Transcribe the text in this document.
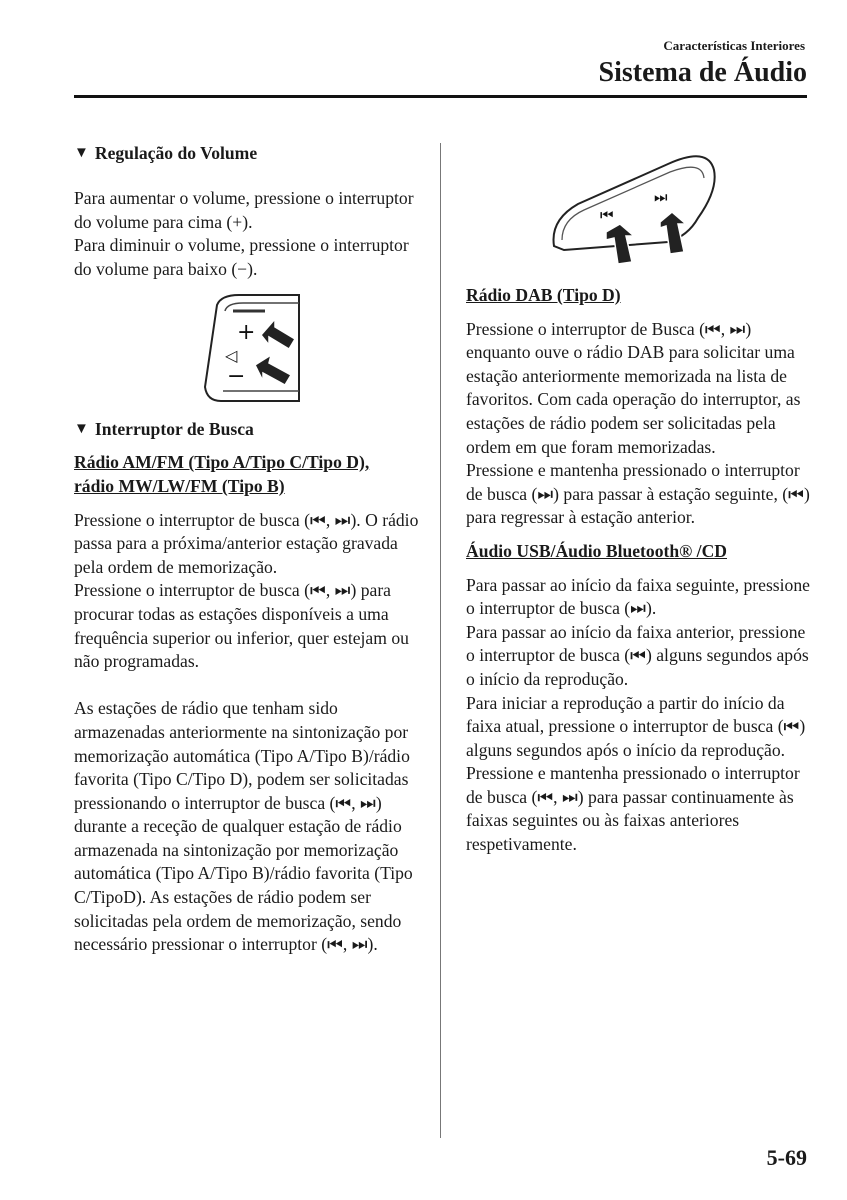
Características Interiores
Sistema de Áudio
▼ Regulação do Volume

Para aumentar o volume, pressione o interruptor do volume para cima (+).

Para diminuir o volume, pressione o interruptor do volume para baixo (−).

+
◁
−
▼ Interruptor de Busca

Rádio AM/FM (Tipo A/Tipo C/Tipo D),

rádio MW/LW/FM (Tipo B)

Pressione o interruptor de busca (⏮, ⏭). O rádio passa para a próxima/anterior estação gravada pela ordem de memorização.

Pressione o interruptor de busca (⏮, ⏭) para procurar todas as estações disponíveis a uma frequência superior ou inferior, quer estejam ou não programadas.

As estações de rádio que tenham sido armazenadas anteriormente na sintonização por memorização automática (Tipo A/Tipo B)/rádio favorita (Tipo C/Tipo D), podem ser solicitadas pressionando o interruptor de busca (⏮, ⏭) durante a receção de qualquer estação de rádio armazenada na sintonização por memorização automática (Tipo A/Tipo B)/rádio favorita (Tipo C/TipoD). As estações de rádio podem ser solicitadas pela ordem de memorização, sendo necessário pressionar o interruptor (⏮, ⏭).

⏮
⏭

Rádio DAB (Tipo D)

Pressione o interruptor de Busca (⏮, ⏭) enquanto ouve o rádio DAB para solicitar uma estação anteriormente memorizada na lista de favoritos. Com cada operação do interruptor, as estações de rádio podem ser solicitadas pela ordem em que foram memorizadas.

Pressione e mantenha pressionado o interruptor de busca (⏭) para passar à estação seguinte, (⏮) para regressar à estação anterior.

Áudio USB/Áudio Bluetooth® /CD

Para passar ao início da faixa seguinte, pressione o interruptor de busca (⏭).

Para passar ao início da faixa anterior, pressione o interruptor de busca (⏮) alguns segundos após o início da reprodução.

Para iniciar a reprodução a partir do início da faixa atual, pressione o interruptor de busca (⏮) alguns segundos após o início da reprodução.

Pressione e mantenha pressionado o interruptor de busca (⏮, ⏭) para passar continuamente às faixas seguintes ou às faixas anteriores respetivamente.

5-69
